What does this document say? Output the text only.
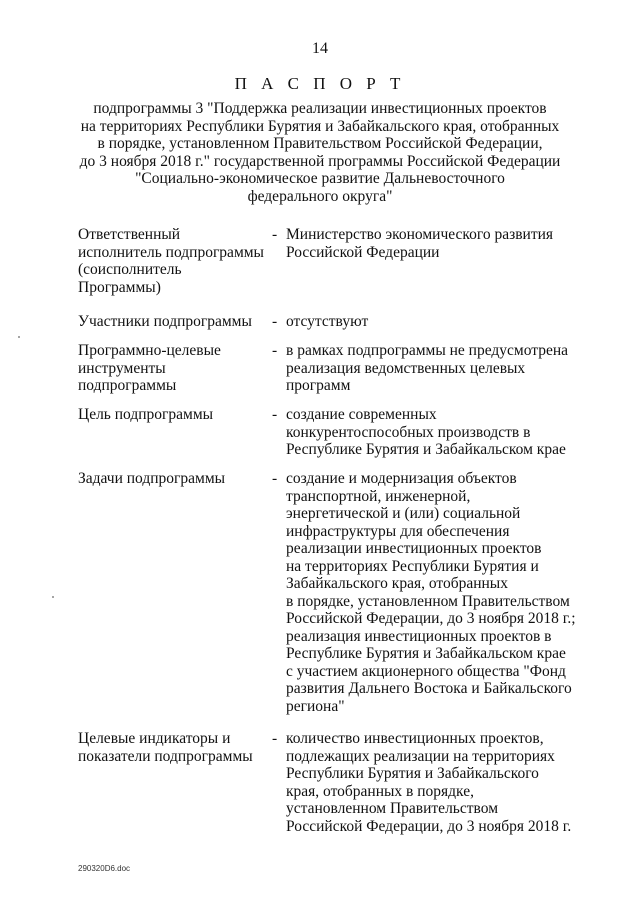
14
П А С П О Р Т
подпрограммы 3 "Поддержка реализации инвестиционных проектов
на территориях Республики Бурятия и Забайкальского края, отобранных
в порядке, установленном Правительством Российской Федерации,
до 3 ноября 2018 г." государственной программы Российской Федерации
"Социально-экономическое развитие Дальневосточного
федерального округа"
Ответственный
исполнитель подпрограммы
(соисполнитель
Программы)
- Министерство экономического развития
Российской Федерации
Участники подпрограммы	- отсутствуют
Программно-целевые
инструменты
подпрограммы
- в рамках подпрограммы не предусмотрена
реализация ведомственных целевых
программ
Цель подпрограммы	- создание современных
конкурентоспособных производств в
Республике Бурятия и Забайкальском крае
Задачи подпрограммы	- создание и модернизация объектов
транспортной, инженерной,
энергетической и (или) социальной
инфраструктуры для обеспечения
реализации инвестиционных проектов
на территориях Республики Бурятия и
Забайкальского края, отобранных
в порядке, установленном Правительством
Российской Федерации, до 3 ноября 2018 г.;
реализация инвестиционных проектов в
Республике Бурятия и Забайкальском крае
с участием акционерного общества "Фонд
развития Дальнего Востока и Байкальского
региона"
Целевые индикаторы и
показатели подпрограммы
- количество инвестиционных проектов,
подлежащих реализации на территориях
Республики Бурятия и Забайкальского
края, отобранных в порядке,
установленном Правительством
Российской Федерации, до 3 ноября 2018 г.
290320D6.doc
